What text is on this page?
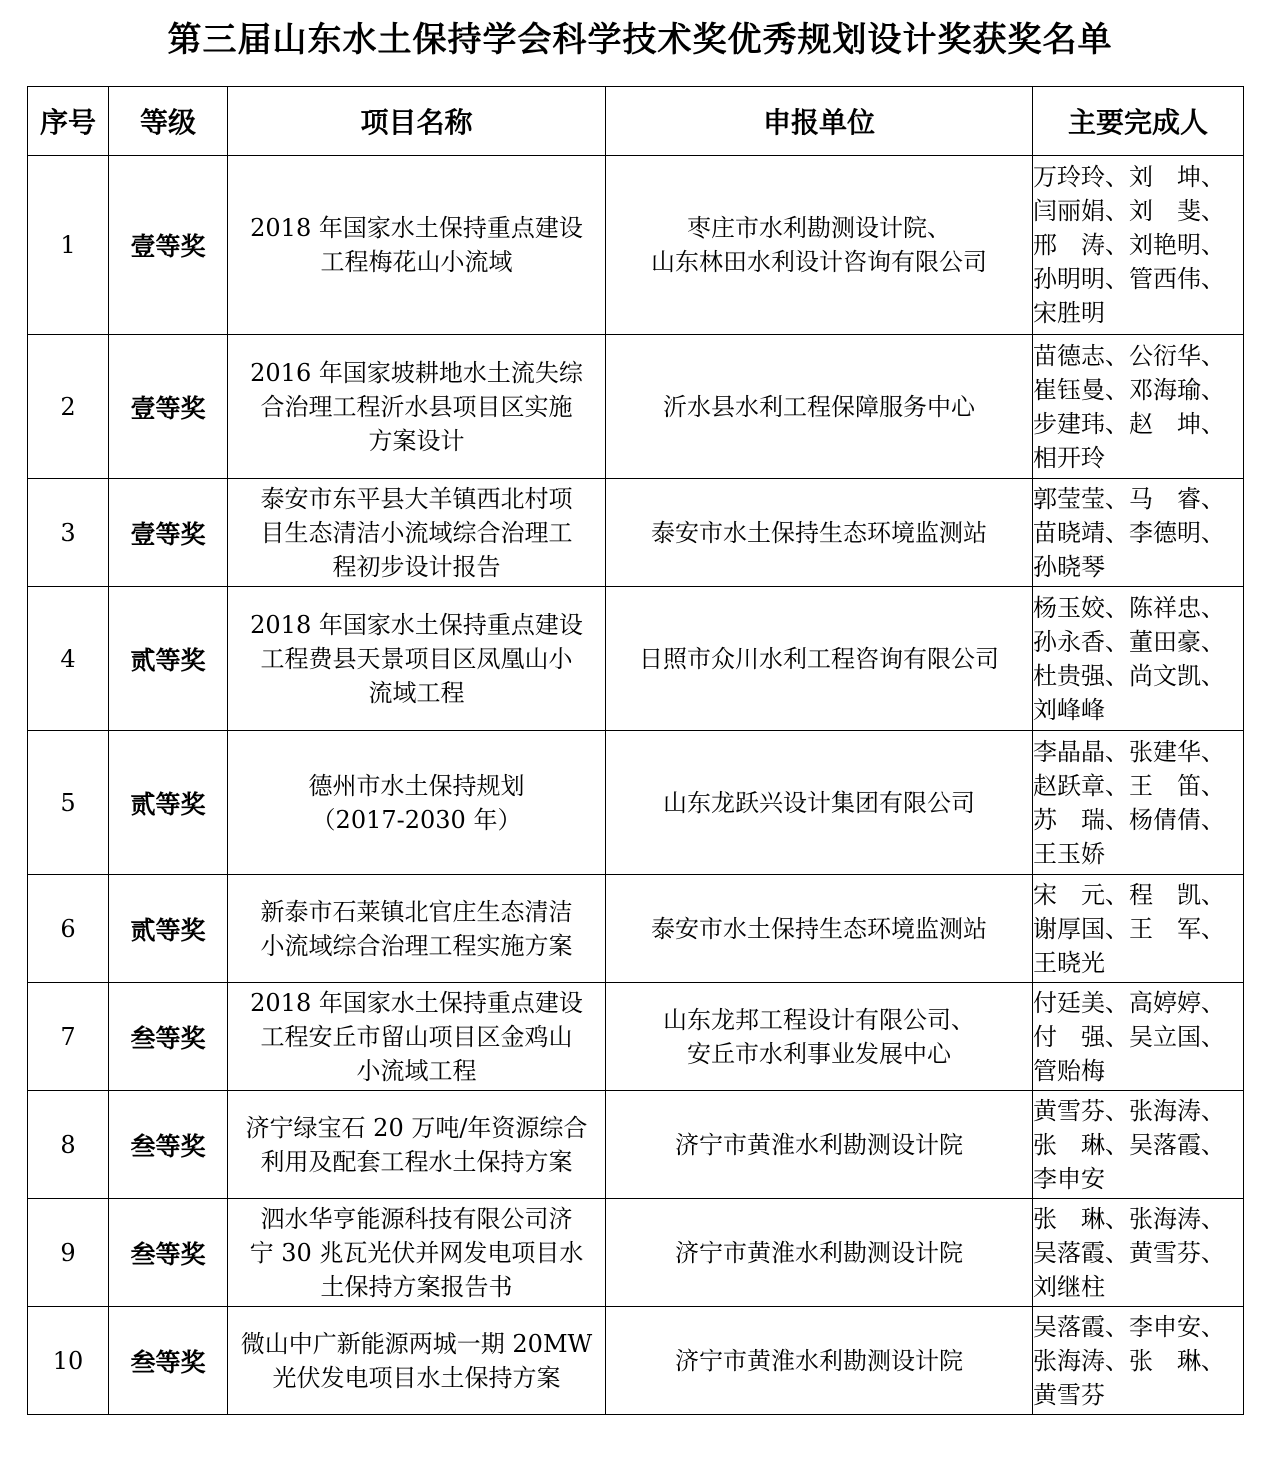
第三届山东水土保持学会科学技术奖优秀规划设计奖获奖名单
序号	等级	项目名称	申报单位	主要完成人
1	壹等奖	2018 年国家水土保持重点建设
工程梅花山小流域	枣庄市水利勘测设计院、
山东林田水利设计咨询有限公司	万玲玲、刘　坤、
闫丽娟、刘　斐、
邢　涛、刘艳明、
孙明明、管西伟、
宋胜明

2	壹等奖	2016 年国家坡耕地水土流失综
合治理工程沂水县项目区实施
方案设计	沂水县水利工程保障服务中心	苗德志、公衍华、
崔钰曼、邓海瑜、
步建玮、赵　坤、
相开玲

3	壹等奖	泰安市东平县大羊镇西北村项
目生态清洁小流域综合治理工
程初步设计报告	泰安市水土保持生态环境监测站	郭莹莹、马　睿、
苗晓靖、李德明、
孙晓琴

4	贰等奖	2018 年国家水土保持重点建设
工程费县天景项目区凤凰山小
流域工程	日照市众川水利工程咨询有限公司	杨玉姣、陈祥忠、
孙永香、董田豪、
杜贵强、尚文凯、
刘峰峰

5	贰等奖	德州市水土保持规划
（2017-2030 年）	山东龙跃兴设计集团有限公司	李晶晶、张建华、
赵跃章、王　笛、
苏　瑞、杨倩倩、
王玉娇

6	贰等奖	新泰市石莱镇北官庄生态清洁
小流域综合治理工程实施方案	泰安市水土保持生态环境监测站	宋　元、程　凯、
谢厚国、王　军、
王晓光

7	叁等奖	2018 年国家水土保持重点建设
工程安丘市留山项目区金鸡山
小流域工程	山东龙邦工程设计有限公司、
安丘市水利事业发展中心	付廷美、高婷婷、
付　强、吴立国、
管贻梅

8	叁等奖	济宁绿宝石 20 万吨/年资源综合
利用及配套工程水土保持方案	济宁市黄淮水利勘测设计院	黄雪芬、张海涛、
张　琳、吴落霞、
李申安

9	叁等奖	泗水华亨能源科技有限公司济
宁 30 兆瓦光伏并网发电项目水
土保持方案报告书	济宁市黄淮水利勘测设计院	张　琳、张海涛、
吴落霞、黄雪芬、
刘继柱

10	叁等奖	微山中广新能源两城一期 20MW
光伏发电项目水土保持方案	济宁市黄淮水利勘测设计院	吴落霞、李申安、
张海涛、张　琳、
黄雪芬
